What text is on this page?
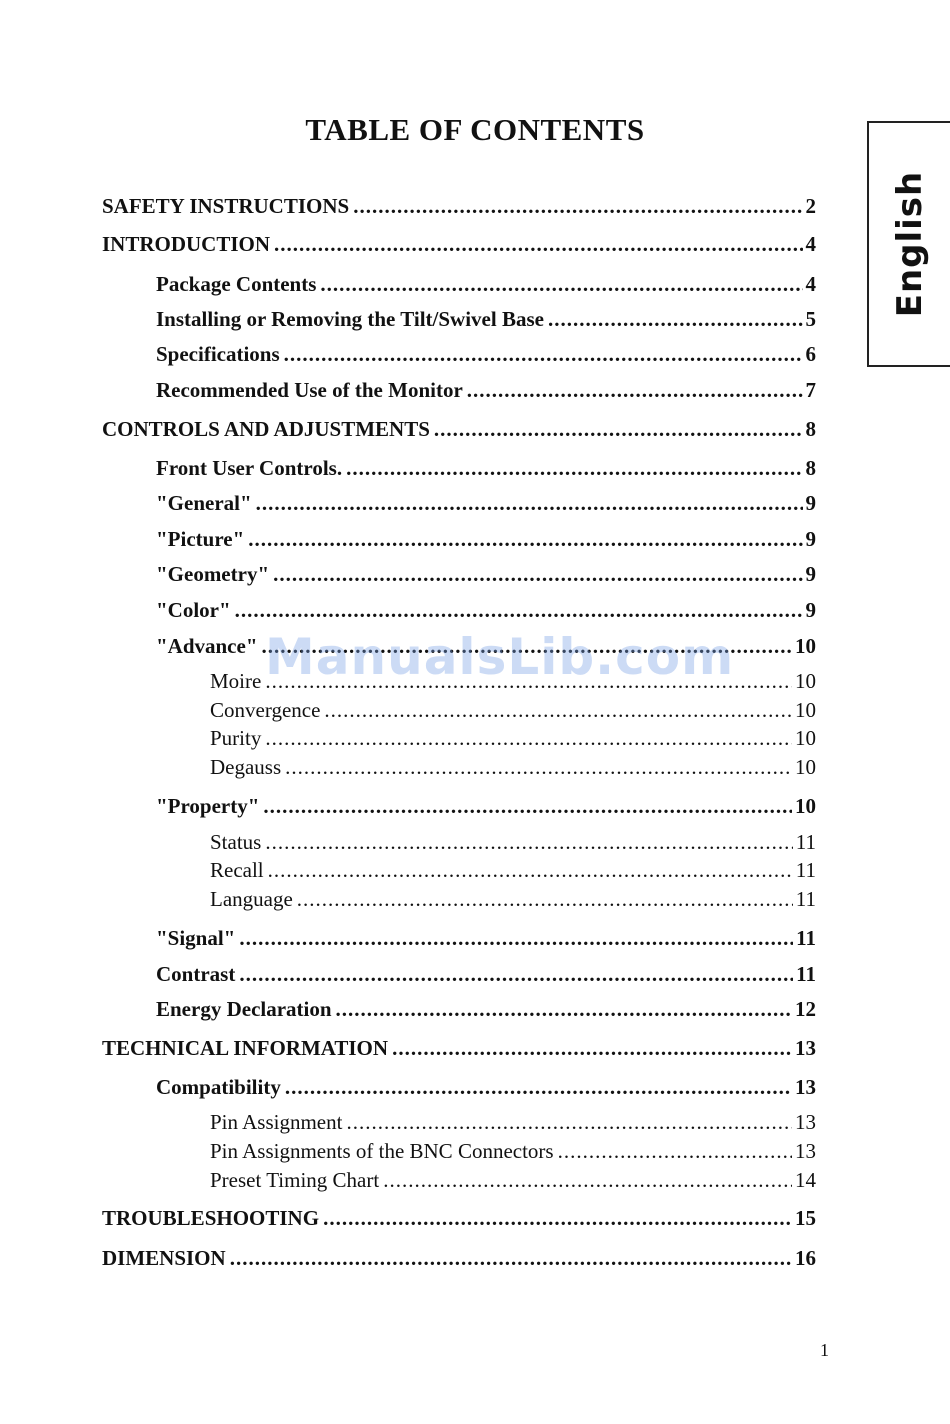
TABLE OF CONTENTS
English
SAFETY INSTRUCTIONS .....	2
INTRODUCTION .....	4
Package Contents .....	4
Installing or Removing the Tilt/Swivel Base .....	5
Specifications .....	6
Recommended Use of the Monitor .....	7
CONTROLS AND ADJUSTMENTS .....	8
Front User Controls. .....	8
"General" .....	9
"Picture" .....	9
"Geometry" .....	9
"Color" .....	9
"Advance" .....	10
Moire .....	10
Convergence .....	10
Purity .....	10
Degauss .....	10
"Property" .....	10
Status .....	11
Recall .....	11
Language .....	11
"Signal" .....	11
Contrast .....	11
Energy Declaration .....	12
TECHNICAL INFORMATION .....	13
Compatibility .....	13
Pin Assignment .....	13
Pin Assignments of the BNC Connectors .....	13
Preset Timing Chart .....	14
TROUBLESHOOTING .....	15
DIMENSION .....	16
ManualsLib.com
1
